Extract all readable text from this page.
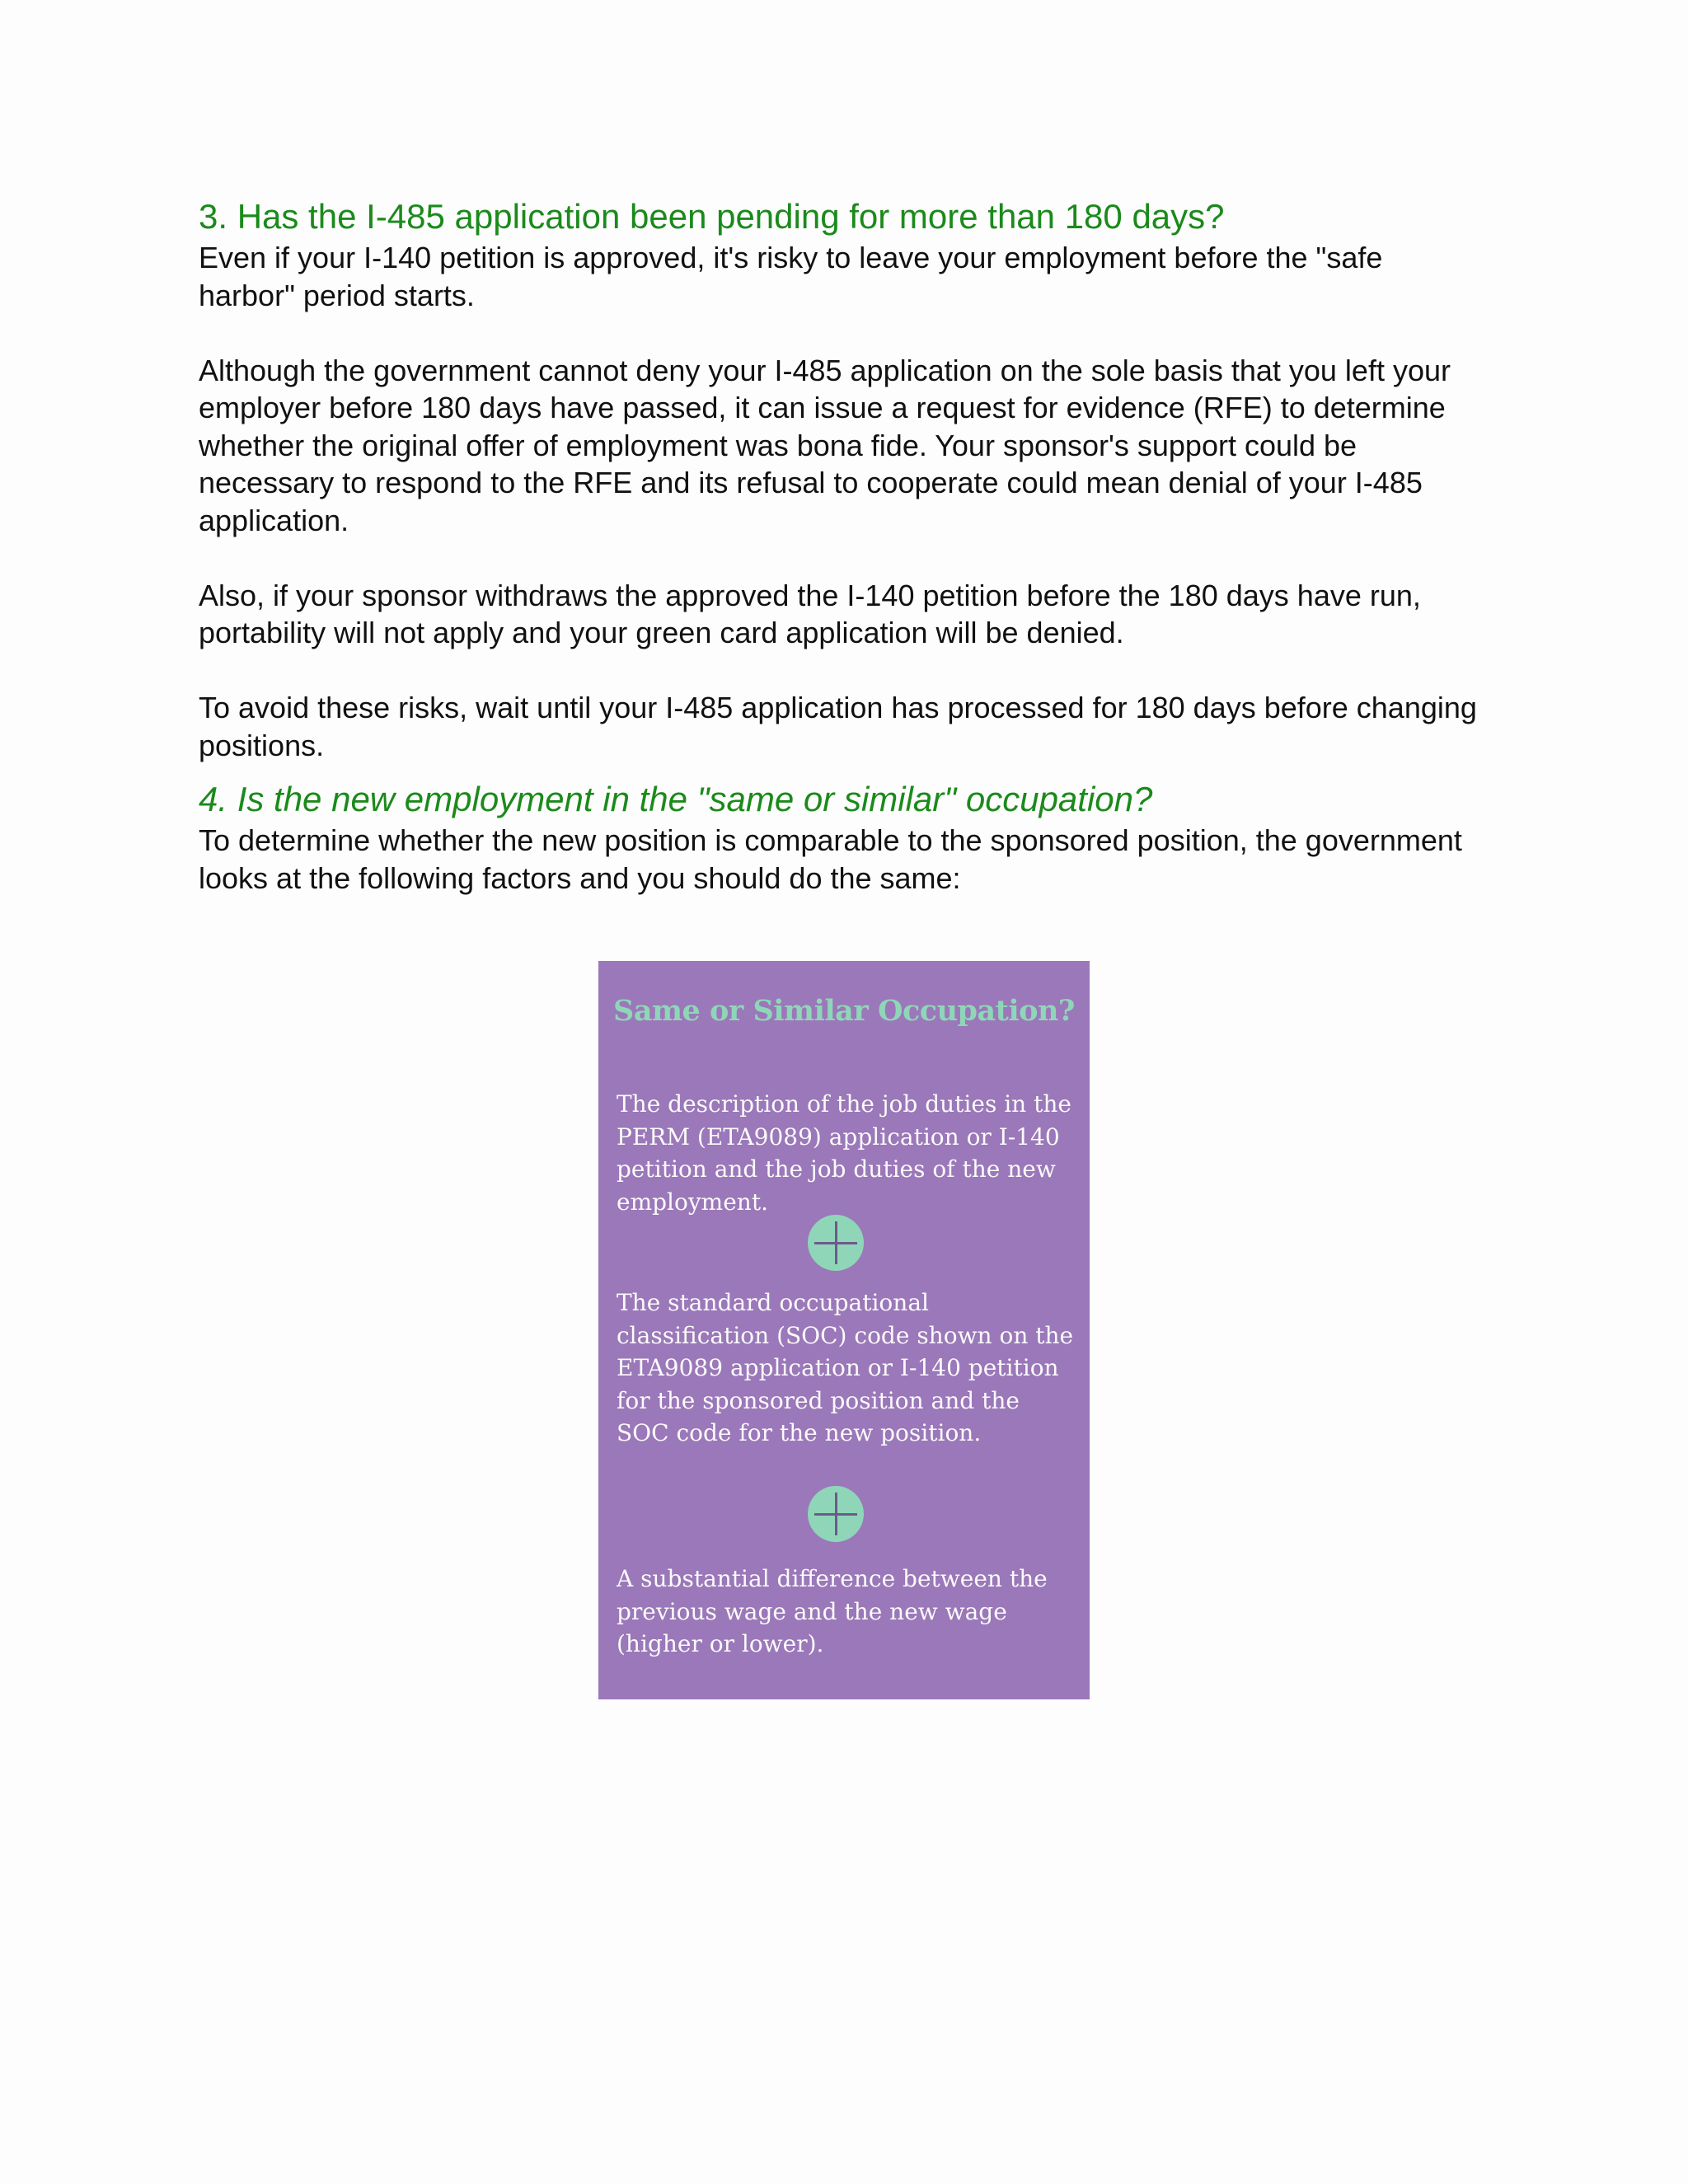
3. Has the I-485 application been pending for more than 180 days?

Even if your I-140 petition is approved, it's risky to leave your employment before the "safe harbor" period starts.

Although the government cannot deny your I-485 application on the sole basis that you left your employer before 180 days have passed, it can issue a request for evidence (RFE) to determine whether the original offer of employment was bona fide. Your sponsor's support could be necessary to respond to the RFE and its refusal to cooperate could mean denial of your I-485 application.

Also, if your sponsor withdraws the approved the I-140 petition before the 180 days have run, portability will not apply and your green card application will be denied.

To avoid these risks, wait until your I-485 application has processed for 180 days before changing positions.

4. Is the new employment in the "same or similar" occupation?

To determine whether the new position is comparable to the sponsored position, the government looks at the following factors and you should do the same:

Same or Similar Occupation?

The description of the job duties in the PERM (ETA9089) application or I-140 petition and the job duties of the new employment.

The standard occupational classification (SOC) code shown on the ETA9089 application or I-140 petition for the sponsored position and the SOC code for the new position.

A substantial difference between the previous wage and the new wage (higher or lower).
